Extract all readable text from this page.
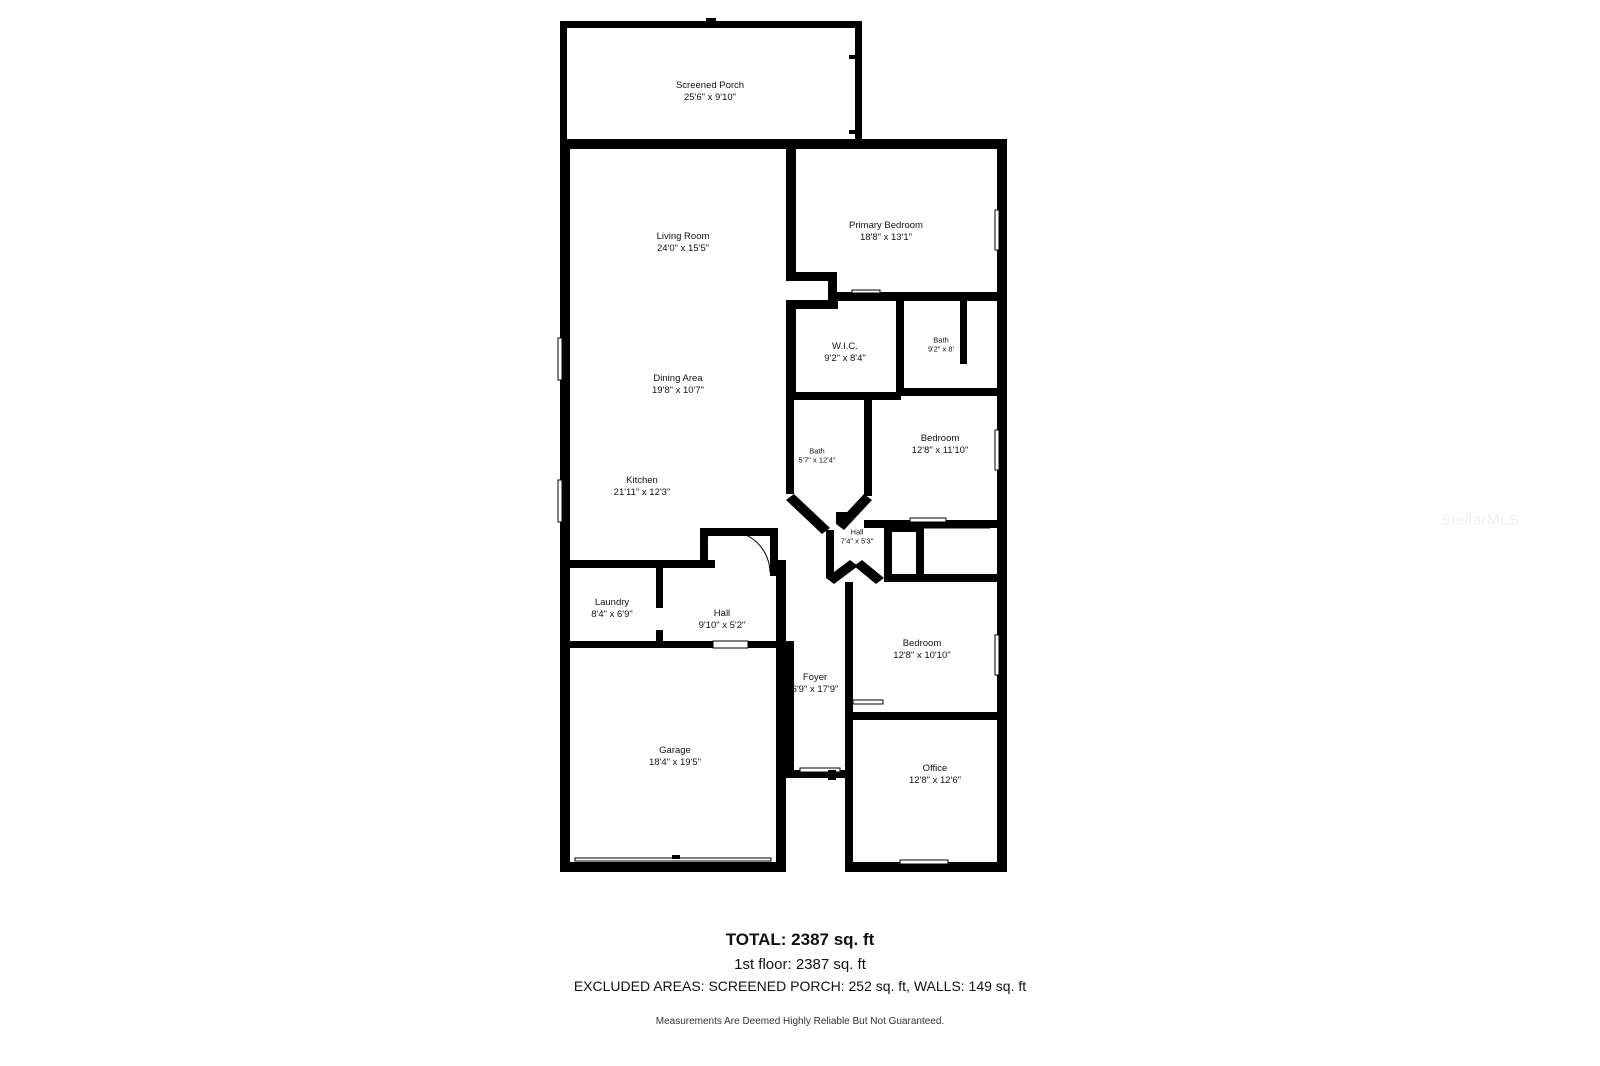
Screened Porch
25'6" x 9'10"
Living Room
24'0" x 15'5"
Primary Bedroom
18'8" x 13'1"
W.I.C.
9'2" x 8'4"
Bath
9'2" x 8'
Dining Area
19'8" x 10'7"
Bath
5'7" x 12'4"
Bedroom
12'8" x 11'10"
Kitchen
21'11" x 12'3"
Hall
7'4" x 5'3"
Laundry
8'4" x 6'9"	Hall
9'10" x 5'2"
Bedroom
12'8" x 10'10"
Foyer
6'9" x 17'9"
Garage
18'4" x 19'5"
Office
12'8" x 12'6"
StellarMLS
TOTAL: 2387 sq. ft
1st floor: 2387 sq. ft
EXCLUDED AREAS: SCREENED PORCH: 252 sq. ft, WALLS: 149 sq. ft
Measurements Are Deemed Highly Reliable But Not Guaranteed.
